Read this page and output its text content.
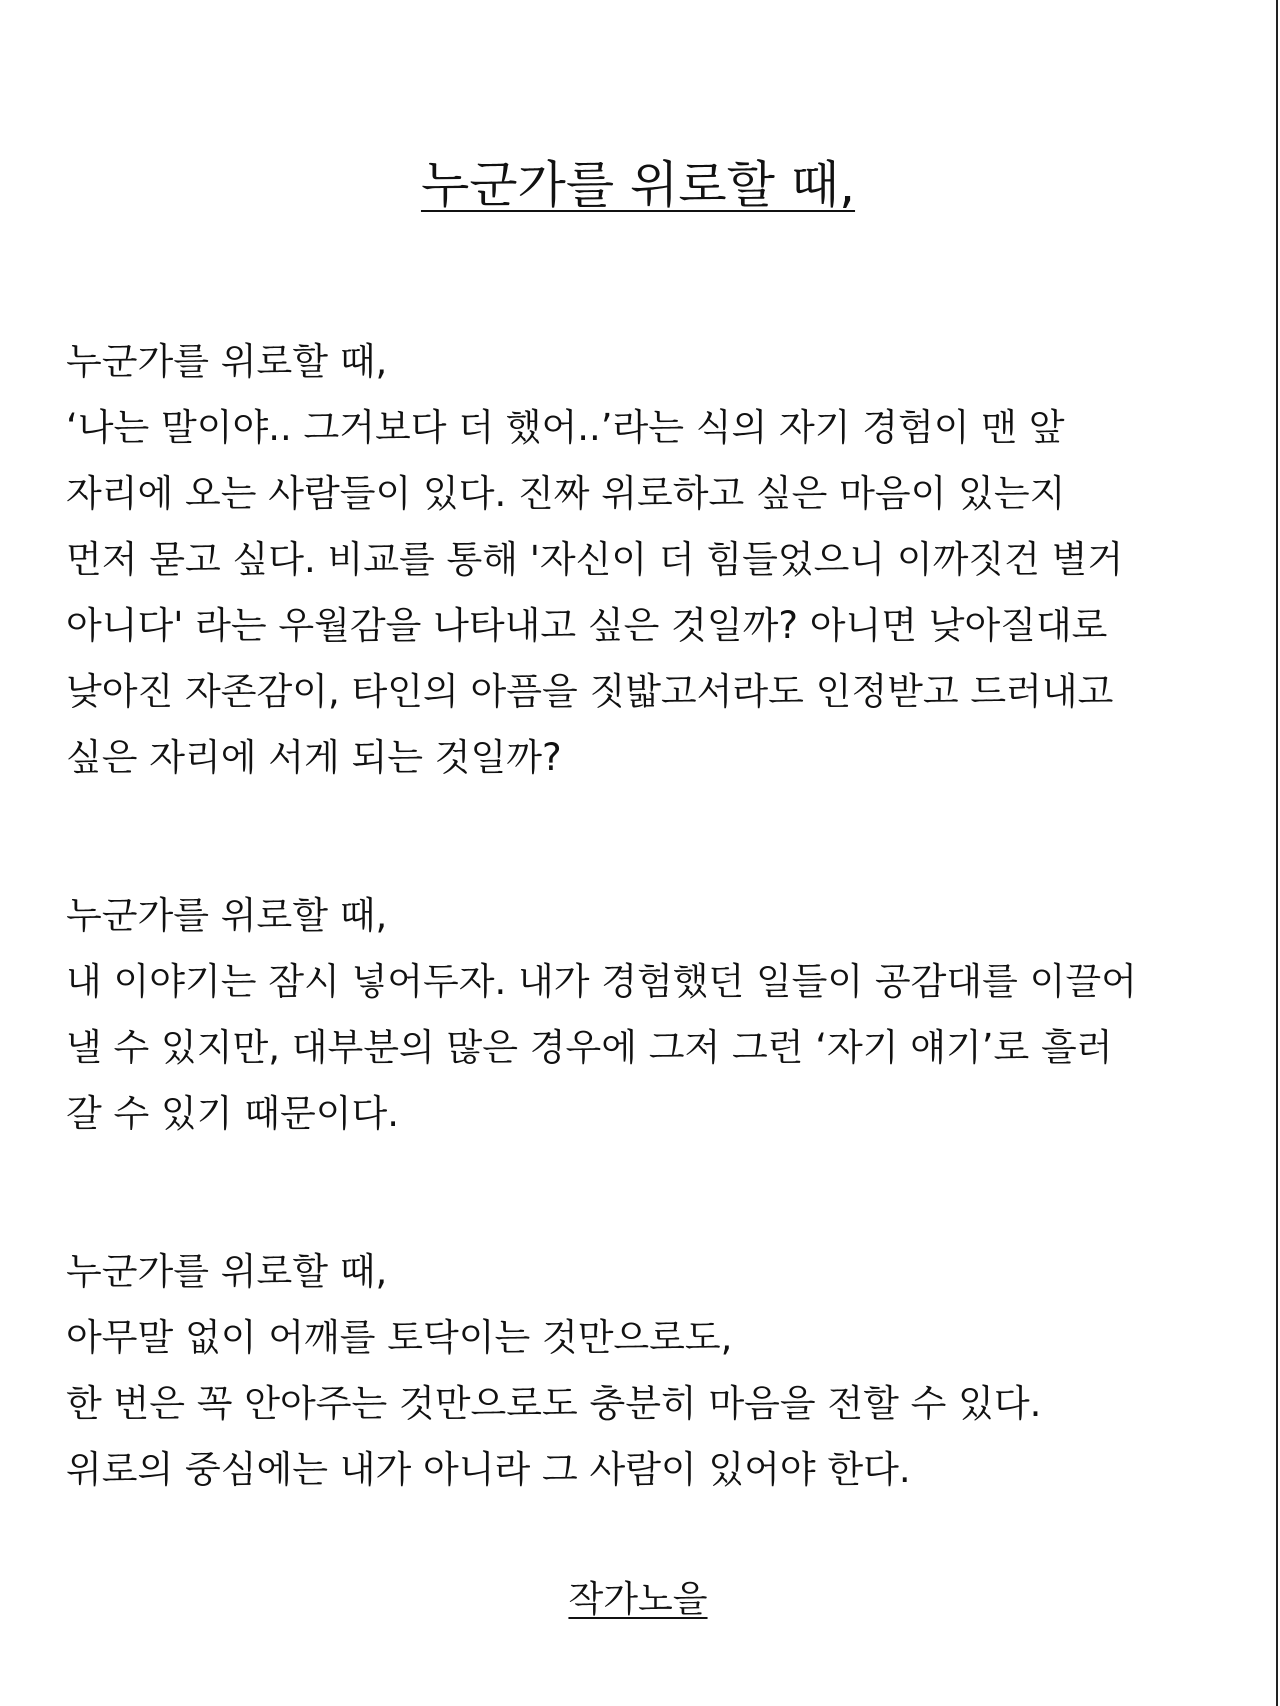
누군가를 위로할 때,
누군가를 위로할 때,
‘나는 말이야.. 그거보다 더 했어..’라는 식의 자기 경험이 맨 앞
자리에 오는 사람들이 있다. 진짜 위로하고 싶은 마음이 있는지
먼저 묻고 싶다. 비교를 통해 '자신이 더 힘들었으니 이까짓건 별거
아니다' 라는 우월감을 나타내고 싶은 것일까? 아니면 낮아질대로
낮아진 자존감이, 타인의 아픔을 짓밟고서라도 인정받고 드러내고
싶은 자리에 서게 되는 것일까?
누군가를 위로할 때,
내 이야기는 잠시 넣어두자. 내가 경험했던 일들이 공감대를 이끌어
낼 수 있지만, 대부분의 많은 경우에 그저 그런 ‘자기 얘기’로 흘러
갈 수 있기 때문이다.
누군가를 위로할 때,
아무말 없이 어깨를 토닥이는 것만으로도,
한 번은 꼭 안아주는 것만으로도 충분히 마음을 전할 수 있다.
위로의 중심에는 내가 아니라 그 사람이 있어야 한다.
작가노을
